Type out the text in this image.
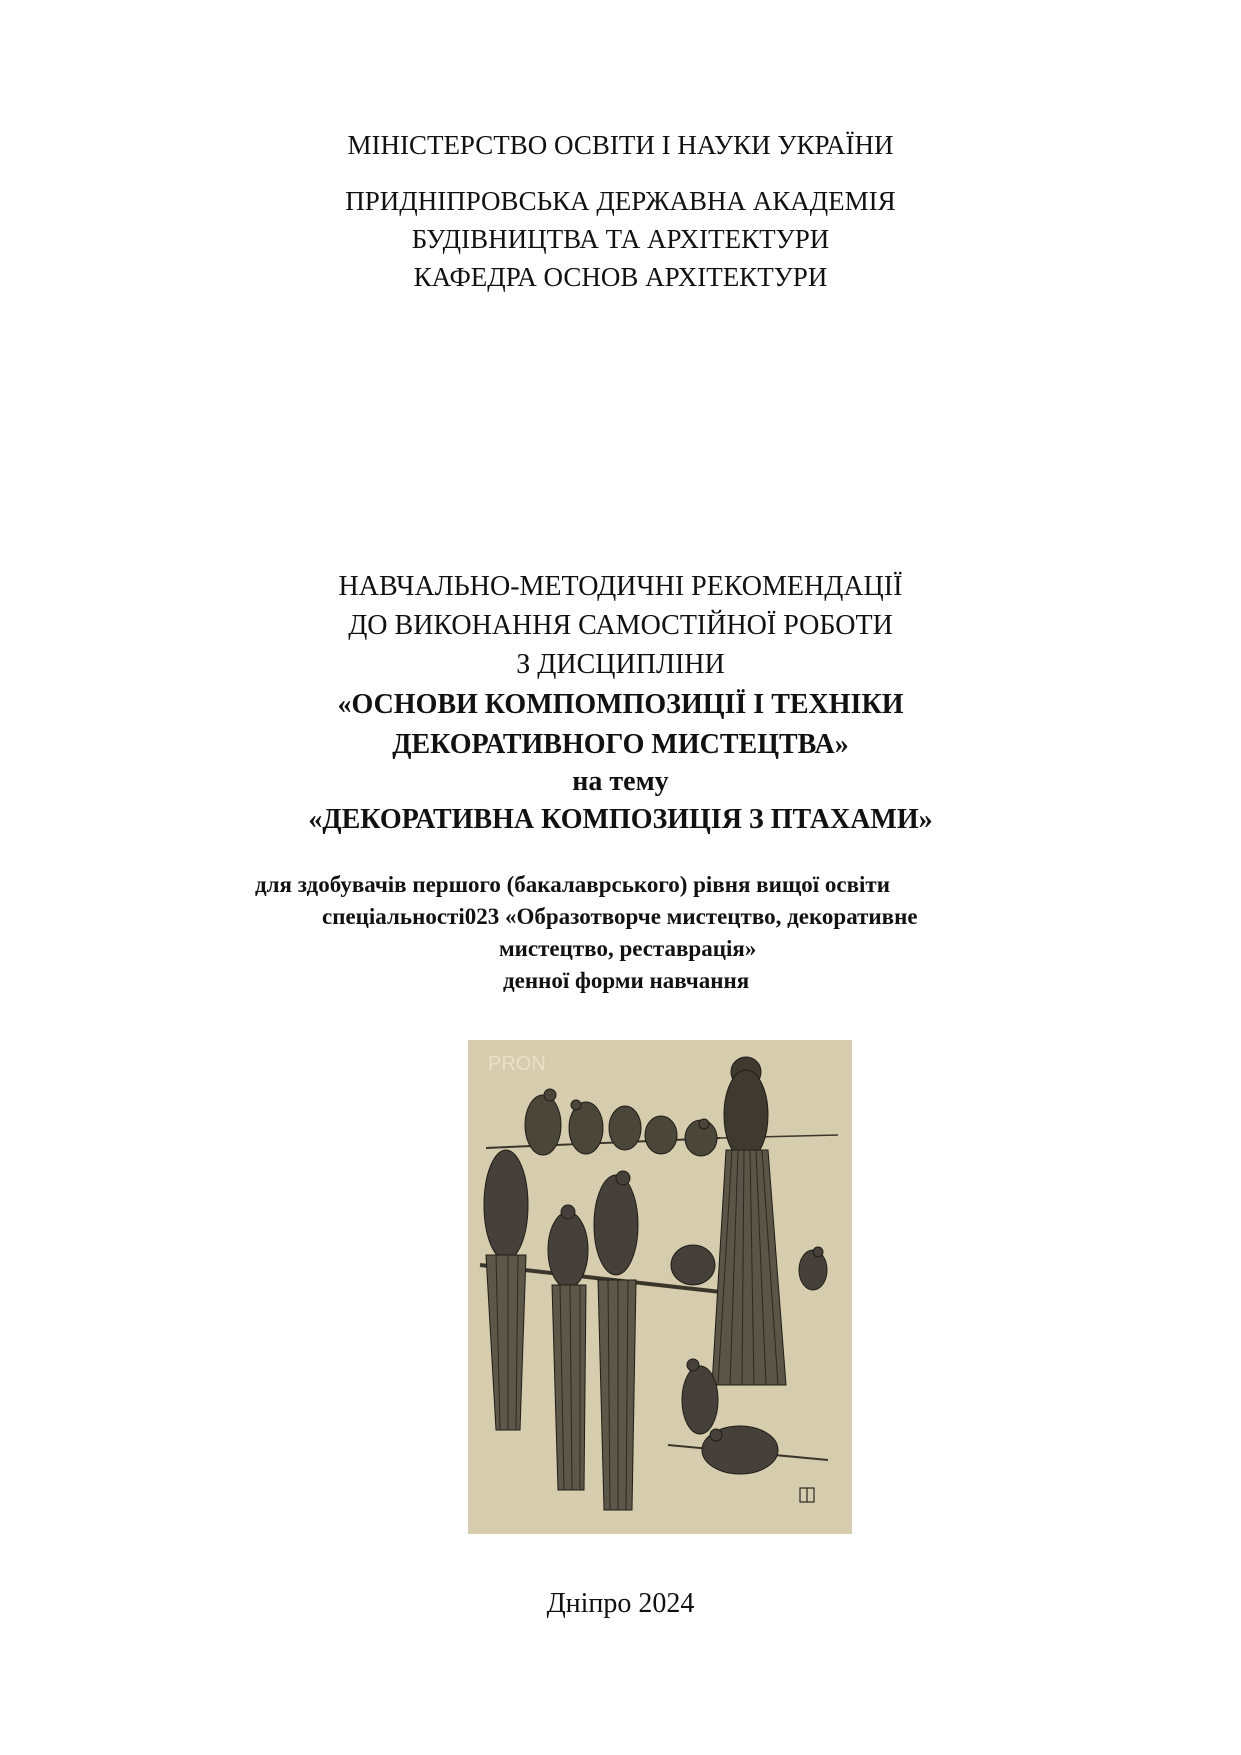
МІНІСТЕРСТВО ОСВІТИ І НАУКИ УКРАЇНИ
ПРИДНІПРОВСЬКА ДЕРЖАВНА АКАДЕМІЯ
БУДІВНИЦТВА ТА АРХІТЕКТУРИ
КАФЕДРА ОСНОВ АРХІТЕКТУРИ
НАВЧАЛЬНО-МЕТОДИЧНІ РЕКОМЕНДАЦІЇ
ДО ВИКОНАННЯ САМОСТІЙНОЇ РОБОТИ
З ДИСЦИПЛІНИ
«ОСНОВИ КОМПОМПОЗИЦІЇ І ТЕХНІКИ
ДЕКОРАТИВНОГО МИСТЕЦТВА»
на тему
«ДЕКОРАТИВНА КОМПОЗИЦІЯ З ПТАХАМИ»
для здобувачів першого (бакалаврського) рівня вищої освіти
спеціальності023 «Образотворче мистецтво, декоративне
мистецтво, реставрація»
денної форми навчання
PRON
Дніпро 2024
